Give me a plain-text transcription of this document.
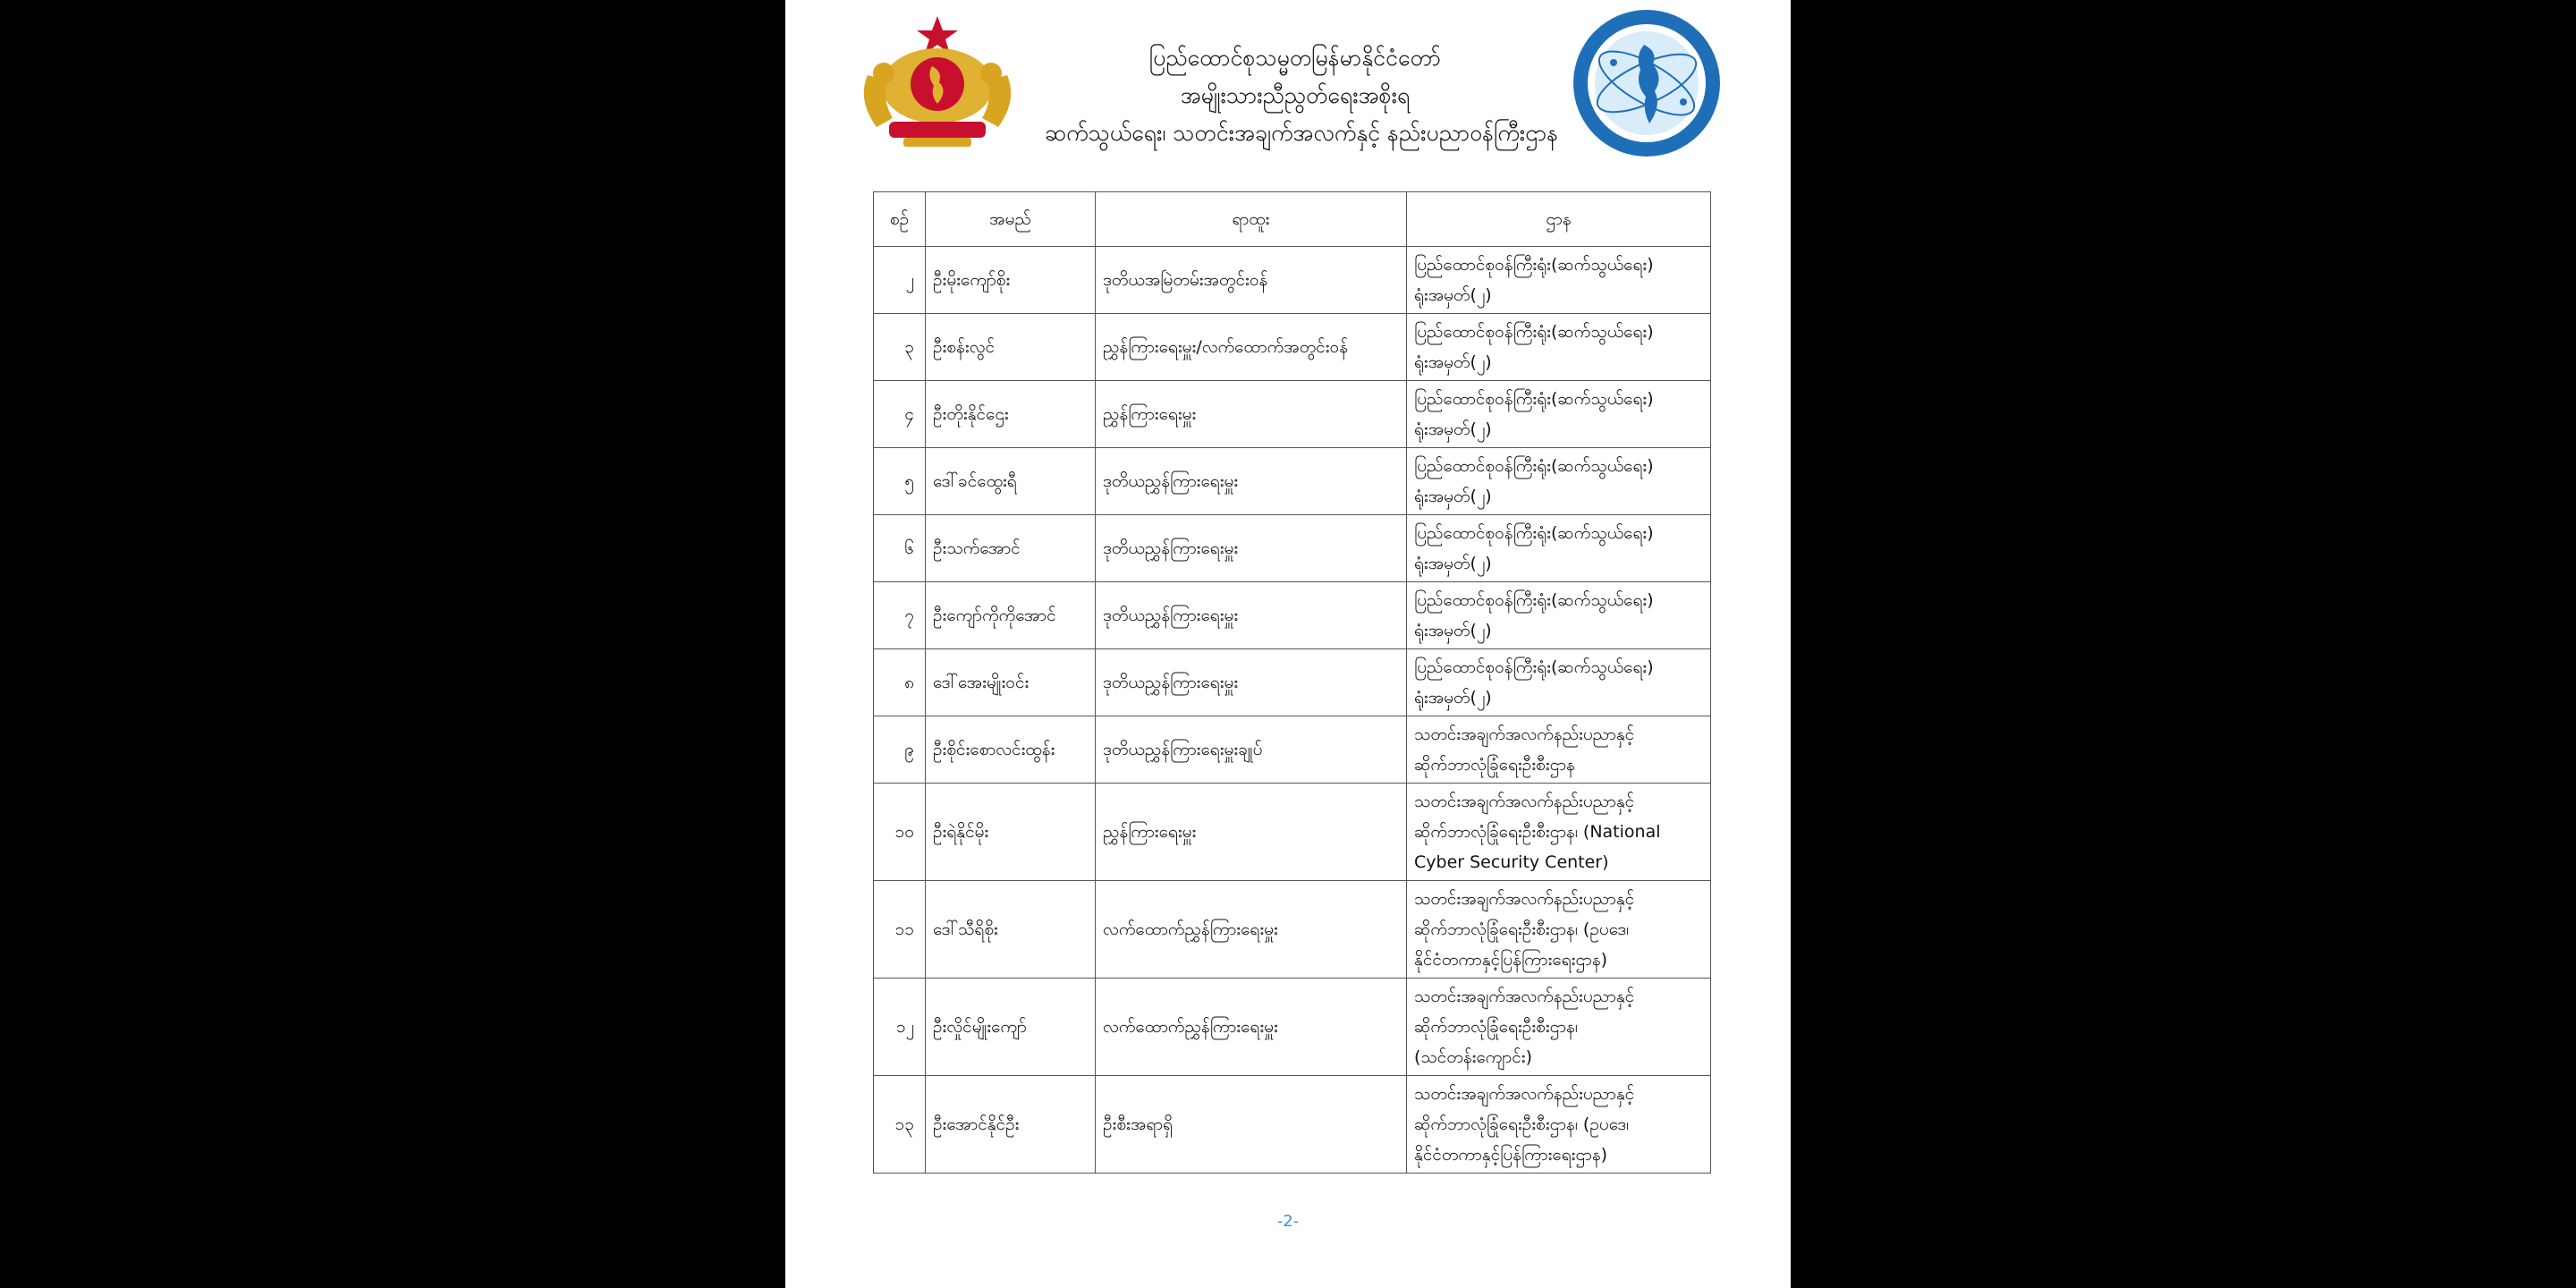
ပြည်ထောင်စုသမ္မတမြန်မာနိုင်ငံတော်
အမျိုးသားညီညွတ်ရေးအစိုးရ
ဆက်သွယ်ရေး၊ သတင်းအချက်အလက်နှင့် နည်းပညာဝန်ကြီးဌာန
စဉ်	အမည်	ရာထူး	ဌာန
၂	ဦးမိုးကျော်စိုး	ဒုတိယအမြဲတမ်းအတွင်းဝန်	ပြည်ထောင်စုဝန်ကြီးရုံး(ဆက်သွယ်ရေး)
ရုံးအမှတ်(၂)

၃	ဦးစန်းလွင်	ညွှန်ကြားရေးမှူး/လက်ထောက်အတွင်းဝန်	ပြည်ထောင်စုဝန်ကြီးရုံး(ဆက်သွယ်ရေး)
ရုံးအမှတ်(၂)

၄	ဦးတိုးနိုင်ဌေး	ညွှန်ကြားရေးမှူး	ပြည်ထောင်စုဝန်ကြီးရုံး(ဆက်သွယ်ရေး)
ရုံးအမှတ်(၂)

၅	ဒေါ်ခင်ထွေးရီ	ဒုတိယညွှန်ကြားရေးမှူး	ပြည်ထောင်စုဝန်ကြီးရုံး(ဆက်သွယ်ရေး)
ရုံးအမှတ်(၂)

၆	ဦးသက်အောင်	ဒုတိယညွှန်ကြားရေးမှူး	ပြည်ထောင်စုဝန်ကြီးရုံး(ဆက်သွယ်ရေး)
ရုံးအမှတ်(၂)

၇	ဦးကျော်ကိုကိုအောင်	ဒုတိယညွှန်ကြားရေးမှူး	ပြည်ထောင်စုဝန်ကြီးရုံး(ဆက်သွယ်ရေး)
ရုံးအမှတ်(၂)

၈	ဒေါ်အေးမျိုးဝင်း	ဒုတိယညွှန်ကြားရေးမှူး	ပြည်ထောင်စုဝန်ကြီးရုံး(ဆက်သွယ်ရေး)
ရုံးအမှတ်(၂)

၉	ဦးစိုင်းစောလင်းထွန်း	ဒုတိယညွှန်ကြားရေးမှူးချုပ်	သတင်းအချက်အလက်နည်းပညာနှင့်
ဆိုက်ဘာလုံခြုံရေးဦးစီးဌာန

၁၀	ဦးရဲနိုင်မိုး	ညွှန်ကြားရေးမှူး	သတင်းအချက်အလက်နည်းပညာနှင့်
ဆိုက်ဘာလုံခြုံရေးဦးစီးဌာန၊ (National
Cyber Security Center)

၁၁	ဒေါ်သီရိစိုး	လက်ထောက်ညွှန်ကြားရေးမှူး	သတင်းအချက်အလက်နည်းပညာနှင့်
ဆိုက်ဘာလုံခြုံရေးဦးစီးဌာန၊ (ဥပဒေ၊
နိုင်ငံတကာနှင့်ပြန်ကြားရေးဌာန)

၁၂	ဦးလှိုင်မျိုးကျော်	လက်ထောက်ညွှန်ကြားရေးမှူး	သတင်းအချက်အလက်နည်းပညာနှင့်
ဆိုက်ဘာလုံခြုံရေးဦးစီးဌာန၊
(သင်တန်းကျောင်း)

၁၃	ဦးအောင်နိုင်ဦး	ဦးစီးအရာရှိ	သတင်းအချက်အလက်နည်းပညာနှင့်
ဆိုက်ဘာလုံခြုံရေးဦးစီးဌာန၊ (ဥပဒေ၊
နိုင်ငံတကာနှင့်ပြန်ကြားရေးဌာန)
-2-
